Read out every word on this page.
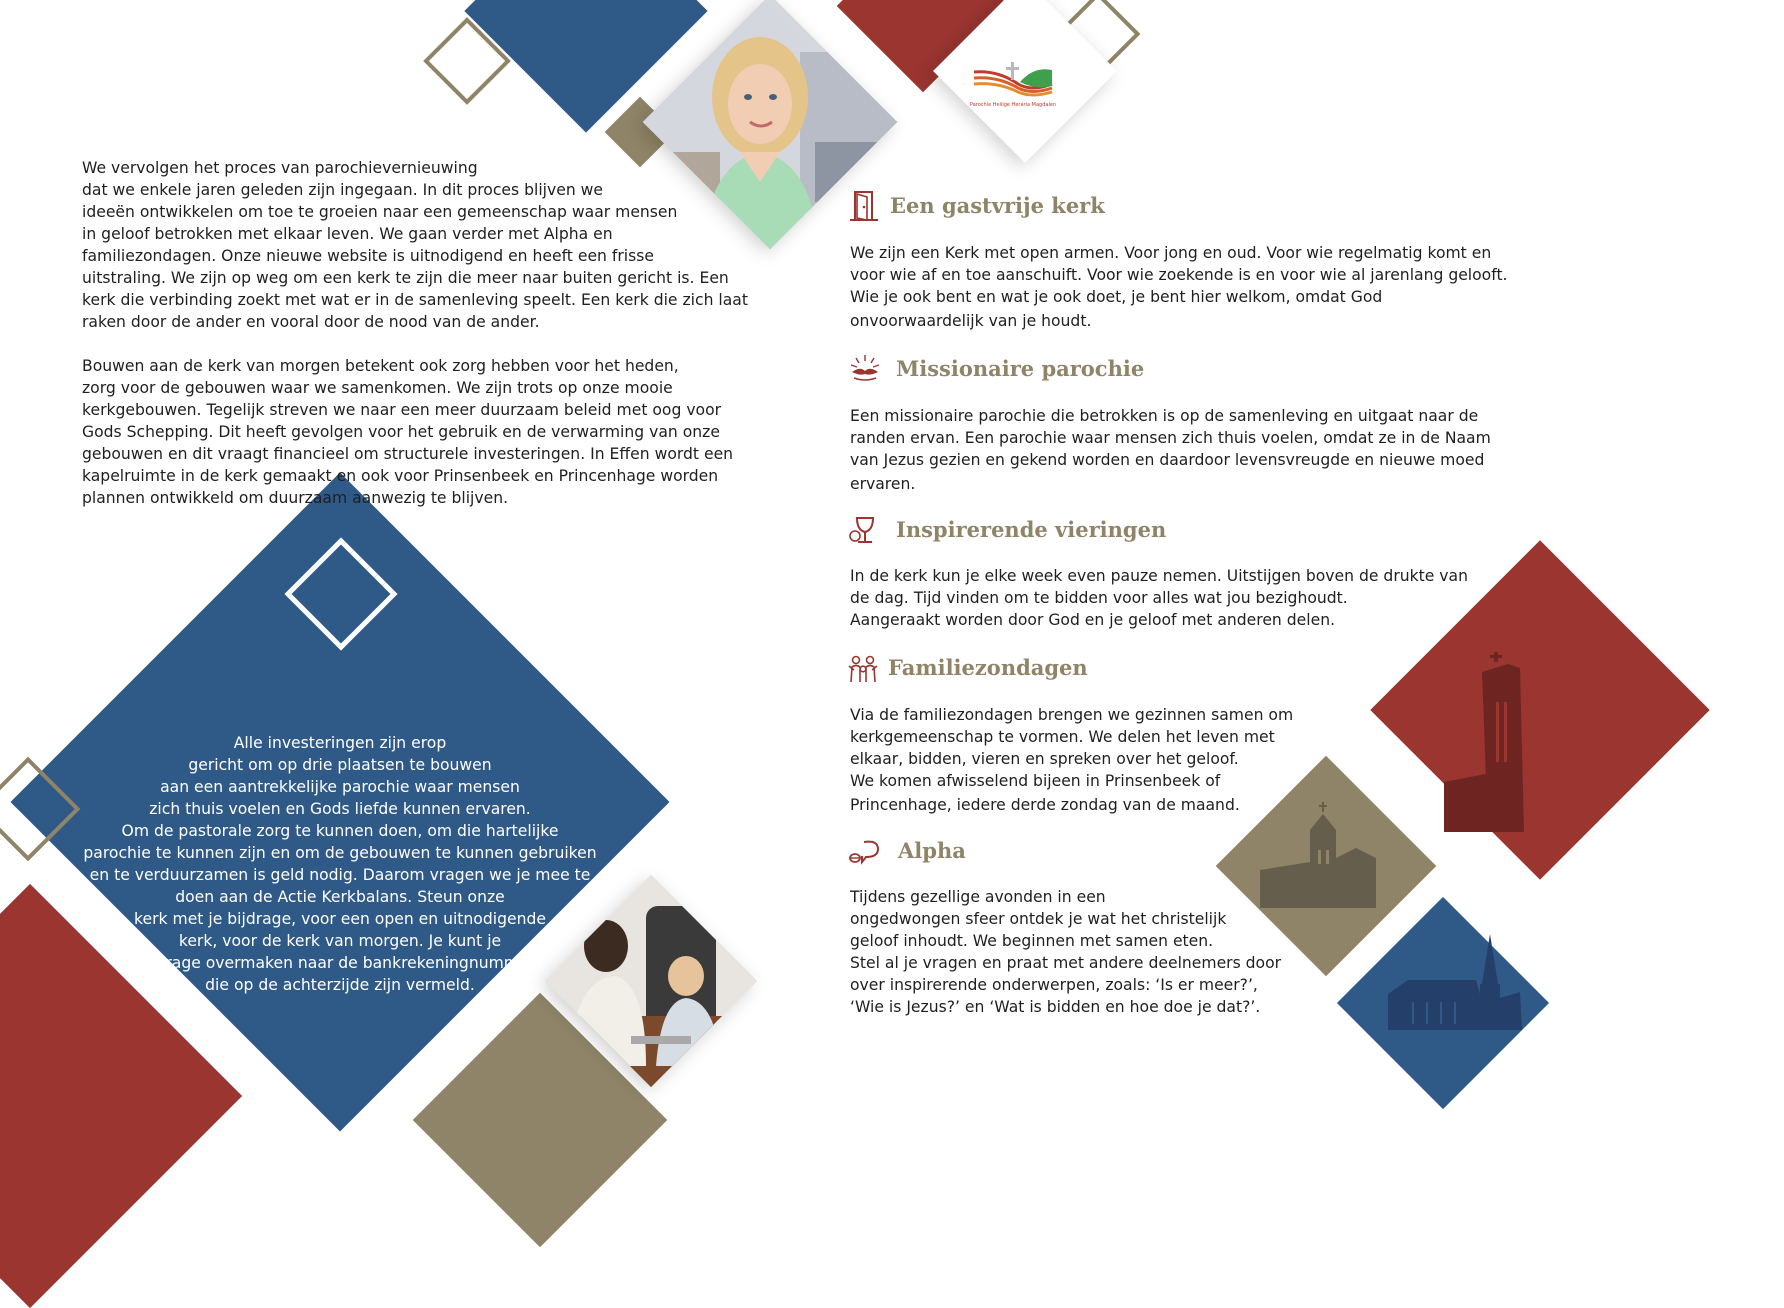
Parochie Heilige Heraria Magdalen

We vervolgen het proces van parochievernieuwing
dat we enkele jaren geleden zijn ingegaan. In dit proces blijven we
ideeën ontwikkelen om toe te groeien naar een gemeenschap waar mensen
in geloof betrokken met elkaar leven. We gaan verder met Alpha en
familiezondagen. Onze nieuwe website is uitnodigend en heeft een frisse
uitstraling. We zijn op weg om een kerk te zijn die meer naar buiten gericht is. Een
kerk die verbinding zoekt met wat er in de samenleving speelt. Een kerk die zich laat
raken door de ander en vooral door de nood van de ander.

Bouwen aan de kerk van morgen betekent ook zorg hebben voor het heden,
zorg voor de gebouwen waar we samenkomen. We zijn trots op onze mooie
kerkgebouwen. Tegelijk streven we naar een meer duurzaam beleid met oog voor
Gods Schepping. Dit heeft gevolgen voor het gebruik en de verwarming van onze
gebouwen en dit vraagt financieel om structurele investeringen. In Effen wordt een
kapelruimte in de kerk gemaakt en ook voor Prinsenbeek en Princenhage worden
plannen ontwikkeld om duurzaam aanwezig te blijven.

Alle investeringen zijn erop
gericht om op drie plaatsen te bouwen
aan een aantrekkelijke parochie waar mensen
zich thuis voelen en Gods liefde kunnen ervaren.
Om de pastorale zorg te kunnen doen, om die hartelijke
parochie te kunnen zijn en om de gebouwen te kunnen gebruiken
en te verduurzamen is geld nodig. Daarom vragen we je mee te
doen aan de Actie Kerkbalans. Steun onze
kerk met je bijdrage, voor een open en uitnodigende
kerk, voor de kerk van morgen. Je kunt je
bijdrage overmaken naar de bankrekeningnummers
die op de achterzijde zijn vermeld.
Een gastvrije kerk
We zijn een Kerk met open armen. Voor jong en oud. Voor wie regelmatig komt en
voor wie af en toe aanschuift. Voor wie zoekende is en voor wie al jarenlang gelooft.
Wie je ook bent en wat je ook doet, je bent hier welkom, omdat God
onvoorwaardelijk van je houdt.
Missionaire parochie
Een missionaire parochie die betrokken is op de samenleving en uitgaat naar de
randen ervan. Een parochie waar mensen zich thuis voelen, omdat ze in de Naam
van Jezus gezien en gekend worden en daardoor levensvreugde en nieuwe moed
ervaren.
Inspirerende vieringen
In de kerk kun je elke week even pauze nemen. Uitstijgen boven de drukte van
de dag. Tijd vinden om te bidden voor alles wat jou bezighoudt.
Aangeraakt worden door God en je geloof met anderen delen.
Familiezondagen
Via de familiezondagen brengen we gezinnen samen om
kerkgemeenschap te vormen. We delen het leven met
elkaar, bidden, vieren en spreken over het geloof.
We komen afwisselend bijeen in Prinsenbeek of
Princenhage, iedere derde zondag van de maand.
Alpha
Tijdens gezellige avonden in een
ongedwongen sfeer ontdek je wat het christelijk
geloof inhoudt. We beginnen met samen eten.
Stel al je vragen en praat met andere deelnemers door
over inspirerende onderwerpen, zoals: ‘Is er meer?’,
‘Wie is Jezus?’ en ‘Wat is bidden en hoe doe je dat?’.
